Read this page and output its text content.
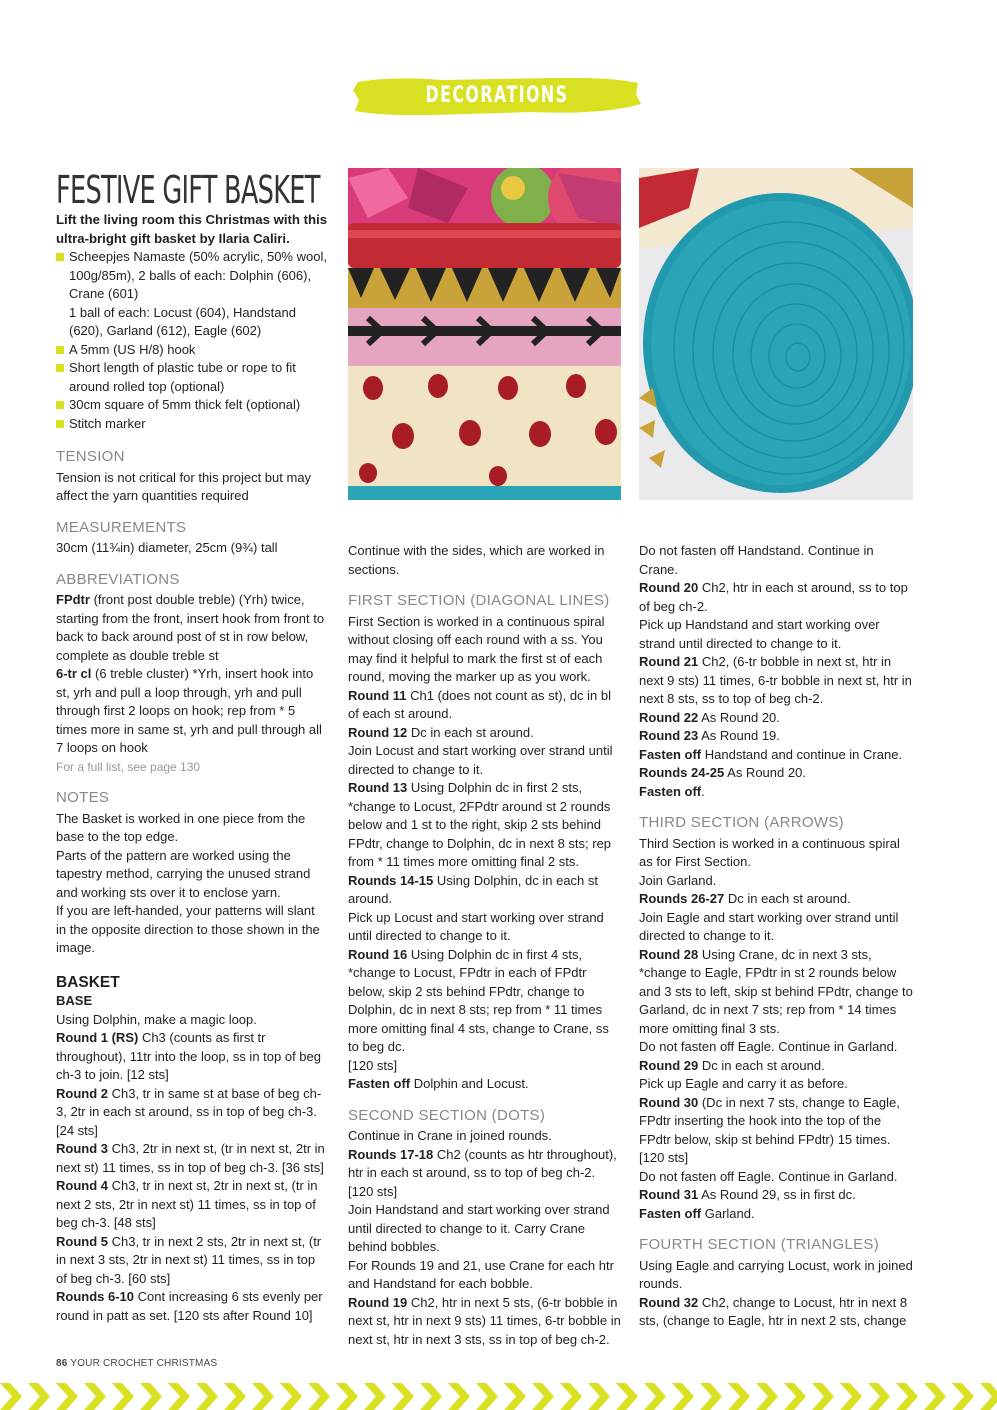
DECORATIONS
FESTIVE GIFT BASKET

Lift the living room this Christmas with this ultra-bright gift basket by Ilaria Caliri.

Scheepjes Namaste (50% acrylic, 50% wool, 100g/85m), 2 balls of each: Dolphin (606), Crane (601)

1 ball of each: Locust (604), Handstand (620), Garland (612), Eagle (602)

A 5mm (US H/8) hook

Short length of plastic tube or rope to fit around rolled top (optional)

30cm square of 5mm thick felt (optional)

Stitch marker

TENSION

Tension is not critical for this project but may affect the yarn quantities required

MEASUREMENTS

30cm (11¾in) diameter, 25cm (9¾) tall

ABBREVIATIONS

FPdtr (front post double treble) (Yrh) twice, starting from the front, insert hook from front to back to back around post of st in row below, complete as double treble st

6-tr cl (6 treble cluster) *Yrh, insert hook into st, yrh and pull a loop through, yrh and pull through first 2 loops on hook; rep from * 5 times more in same st, yrh and pull through all 7 loops on hook

For a full list, see page 130

NOTES

The Basket is worked in one piece from the base to the top edge.

Parts of the pattern are worked using the tapestry method, carrying the unused strand and working sts over it to enclose yarn.

If you are left-handed, your patterns will slant in the opposite direction to those shown in the image.

BASKET

BASE

Using Dolphin, make a magic loop.

Round 1 (RS) Ch3 (counts as first tr throughout), 11tr into the loop, ss in top of beg ch-3 to join. [12 sts]

Round 2 Ch3, tr in same st at base of beg ch-3, 2tr in each st around, ss in top of beg ch-3. [24 sts]

Round 3 Ch3, 2tr in next st, (tr in next st, 2tr in next st) 11 times, ss in top of beg ch-3. [36 sts]

Round 4 Ch3, tr in next st, 2tr in next st, (tr in next 2 sts, 2tr in next st) 11 times, ss in top of beg ch-3. [48 sts]

Round 5 Ch3, tr in next 2 sts, 2tr in next st, (tr in next 3 sts, 2tr in next st) 11 times, ss in top of beg ch-3. [60 sts]

Rounds 6-10 Cont increasing 6 sts evenly per round in patt as set. [120 sts after Round 10]

Continue with the sides, which are worked in sections.

FIRST SECTION (DIAGONAL LINES)

First Section is worked in a continuous spiral without closing off each round with a ss. You may find it helpful to mark the first st of each round, moving the marker up as you work.

Round 11 Ch1 (does not count as st), dc in bl of each st around.

Round 12 Dc in each st around.

Join Locust and start working over strand until directed to change to it.

Round 13 Using Dolphin dc in first 2 sts, *change to Locust, 2FPdtr around st 2 rounds below and 1 st to the right, skip 2 sts behind FPdtr, change to Dolphin, dc in next 8 sts; rep from * 11 times more omitting final 2 sts.

Rounds 14-15 Using Dolphin, dc in each st around.

Pick up Locust and start working over strand until directed to change to it.

Round 16 Using Dolphin dc in first 4 sts, *change to Locust, FPdtr in each of FPdtr below, skip 2 sts behind FPdtr, change to Dolphin, dc in next 8 sts; rep from * 11 times more omitting final 4 sts, change to Crane, ss to beg dc.

[120 sts]

Fasten off Dolphin and Locust.

SECOND SECTION (DOTS)

Continue in Crane in joined rounds.

Rounds 17-18 Ch2 (counts as htr throughout), htr in each st around, ss to top of beg ch-2.

[120 sts]

Join Handstand and start working over strand until directed to change to it. Carry Crane behind bobbles.

For Rounds 19 and 21, use Crane for each htr and Handstand for each bobble.

Round 19 Ch2, htr in next 5 sts, (6-tr bobble in next st, htr in next 9 sts) 11 times, 6-tr bobble in next st, htr in next 3 sts, ss in top of beg ch-2.

Do not fasten off Handstand. Continue in Crane.

Round 20 Ch2, htr in each st around, ss to top of beg ch-2.

Pick up Handstand and start working over strand until directed to change to it.

Round 21 Ch2, (6-tr bobble in next st, htr in next 9 sts) 11 times, 6-tr bobble in next st, htr in next 8 sts, ss to top of beg ch-2.

Round 22 As Round 20.

Round 23 As Round 19.

Fasten off Handstand and continue in Crane.

Rounds 24-25 As Round 20.

Fasten off.

THIRD SECTION (ARROWS)

Third Section is worked in a continuous spiral as for First Section.

Join Garland.

Rounds 26-27 Dc in each st around.

Join Eagle and start working over strand until directed to change to it.

Round 28 Using Crane, dc in next 3 sts, *change to Eagle, FPdtr in st 2 rounds below and 3 sts to left, skip st behind FPdtr, change to Garland, dc in next 7 sts; rep from * 14 times more omitting final 3 sts.

Do not fasten off Eagle. Continue in Garland.

Round 29 Dc in each st around.

Pick up Eagle and carry it as before.

Round 30 (Dc in next 7 sts, change to Eagle, FPdtr inserting the hook into the top of the FPdtr below, skip st behind FPdtr) 15 times.

[120 sts]

Do not fasten off Eagle. Continue in Garland.

Round 31 As Round 29, ss in first dc.

Fasten off Garland.

FOURTH SECTION (TRIANGLES)

Using Eagle and carrying Locust, work in joined rounds.

Round 32 Ch2, change to Locust, htr in next 8 sts, (change to Eagle, htr in next 2 sts, change

86 YOUR CROCHET CHRISTMAS
